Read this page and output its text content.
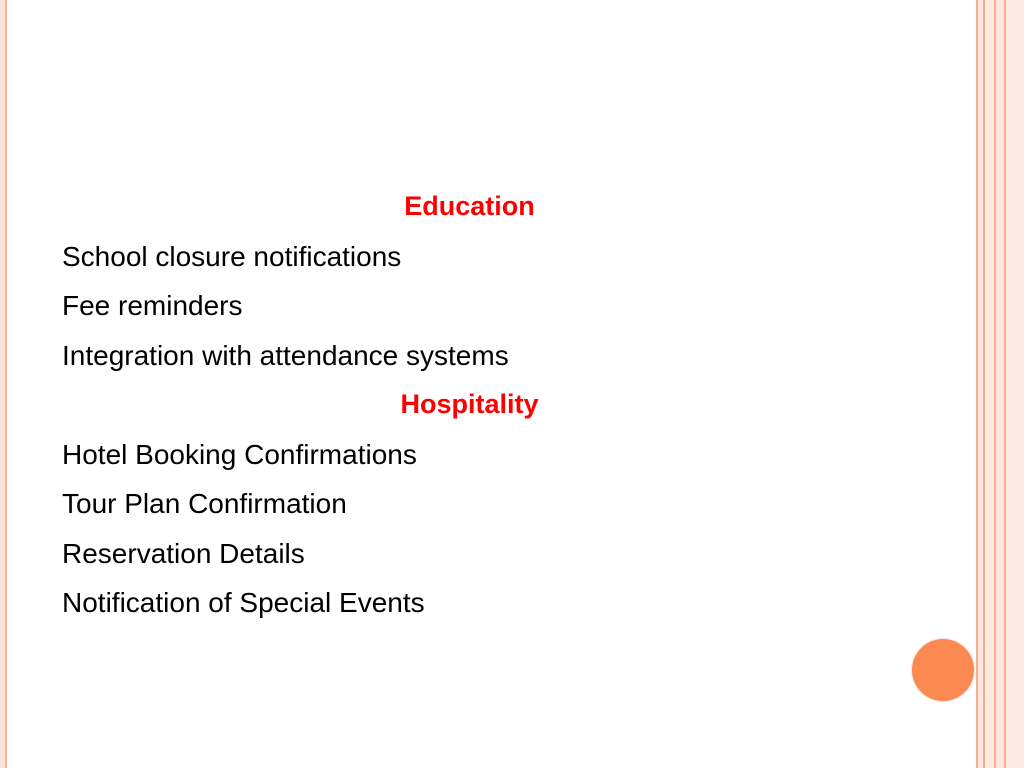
Education
School closure notifications
Fee reminders
Integration with attendance systems
Hospitality
Hotel Booking Confirmations
Tour Plan Confirmation
Reservation Details
Notification of Special Events
